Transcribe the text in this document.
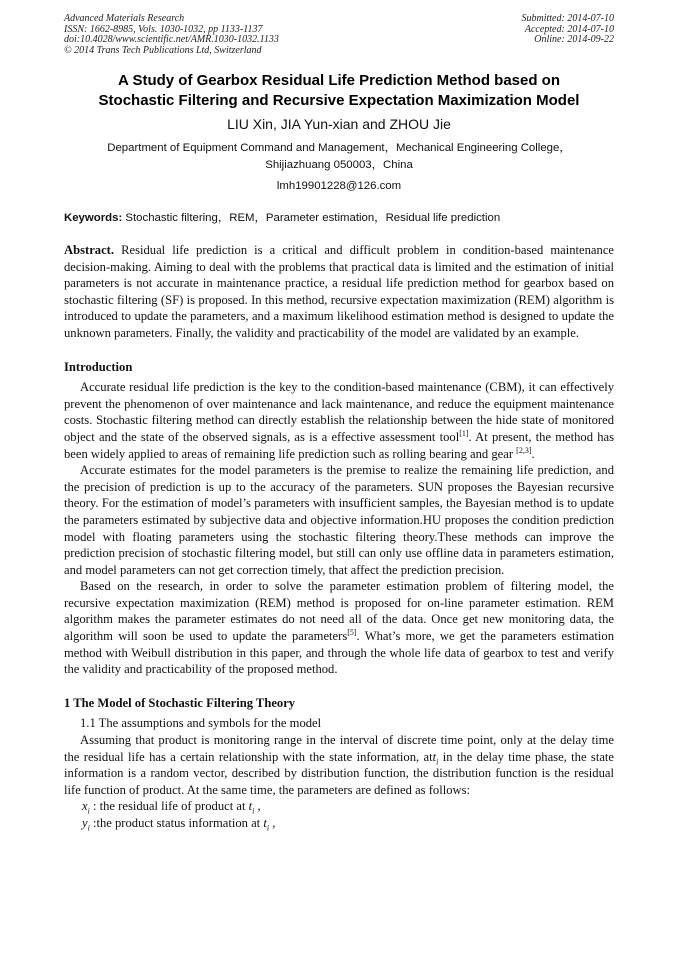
Advanced Materials Research
ISSN: 1662-8985, Vols. 1030-1032, pp 1133-1137
doi:10.4028/www.scientific.net/AMR.1030-1032.1133
© 2014 Trans Tech Publications Ltd, Switzerland
Submitted: 2014-07-10
Accepted: 2014-07-10
Online: 2014-09-22
A Study of Gearbox Residual Life Prediction Method based on
Stochastic Filtering and Recursive Expectation Maximization Model
LIU Xin, JIA Yun-xian and ZHOU Jie
Department of Equipment Command and Management，Mechanical Engineering College，
Shijiazhuang 050003，China
lmh19901228@126.com
Keywords: Stochastic filtering，REM，Parameter estimation，Residual life prediction

Abstract. Residual life prediction is a critical and difficult problem in condition-based maintenance decision-making. Aiming to deal with the problems that practical data is limited and the estimation of initial parameters is not accurate in maintenance practice, a residual life prediction method for gearbox based on stochastic filtering (SF) is proposed. In this method, recursive expectation maximization (REM) algorithm is introduced to update the parameters, and a maximum likelihood estimation method is designed to update the unknown parameters. Finally, the validity and practicability of the model are validated by an example.

Introduction

Accurate residual life prediction is the key to the condition-based maintenance (CBM), it can effectively prevent the phenomenon of over maintenance and lack maintenance, and reduce the equipment maintenance costs. Stochastic filtering method can directly establish the relationship between the hide state of monitored object and the state of the observed signals, as is a effective assessment tool[1]. At present, the method has been widely applied to areas of remaining life prediction such as rolling bearing and gear [2,3].

Accurate estimates for the model parameters is the premise to realize the remaining life prediction, and the precision of prediction is up to the accuracy of the parameters. SUN proposes the Bayesian recursive theory. For the estimation of model’s parameters with insufficient samples, the Bayesian method is to update the parameters estimated by subjective data and objective information.HU proposes the condition prediction model with floating parameters using the stochastic filtering theory.These methods can improve the prediction precision of stochastic filtering model, but still can only use offline data in parameters estimation, and model parameters can not get correction timely, that affect the prediction precision.

Based on the research, in order to solve the parameter estimation problem of filtering model, the recursive expectation maximization (REM) method is proposed for on-line parameter estimation. REM algorithm makes the parameter estimates do not need all of the data. Once get new monitoring data, the algorithm will soon be used to update the parameters[5]. What’s more, we get the parameters estimation method with Weibull distribution in this paper, and through the whole life data of gearbox to test and verify the validity and practicability of the proposed method.

1 The Model of Stochastic Filtering Theory

1.1 The assumptions and symbols for the model

Assuming that product is monitoring range in the interval of discrete time point, only at the delay time the residual life has a certain relationship with the state information, att$_i$ in the delay time phase, the state information is a random vector, described by distribution function, the distribution function is the residual life function of product. At the same time, the parameters are defined as follows:

$x_i$ : the residual life of product at $t_i$ ,

$y_i$ :the product status information at $t_i$ ,
